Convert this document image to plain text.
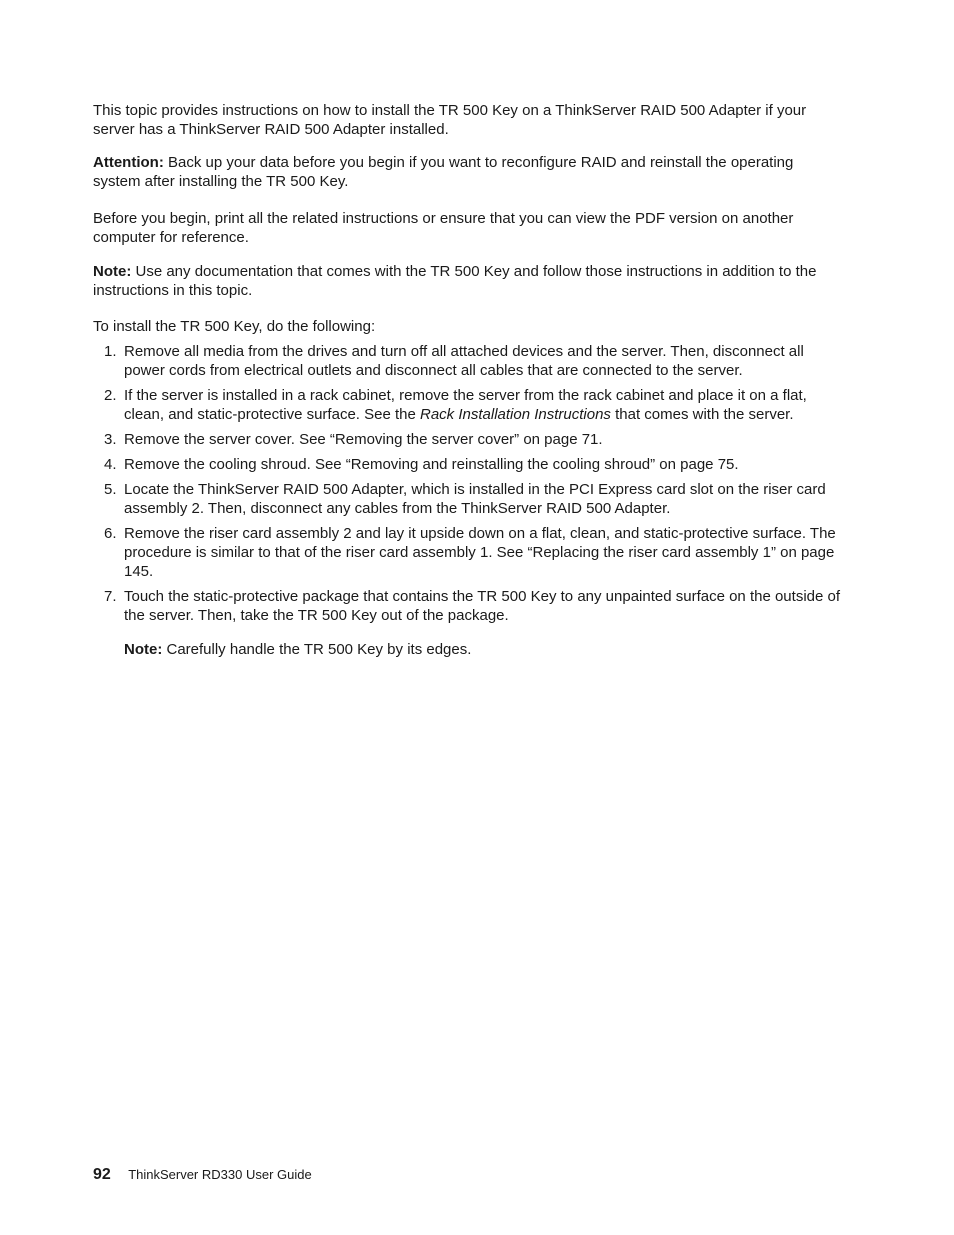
This topic provides instructions on how to install the TR 500 Key on a ThinkServer RAID 500 Adapter if your server has a ThinkServer RAID 500 Adapter installed.

Attention: Back up your data before you begin if you want to reconfigure RAID and reinstall the operating system after installing the TR 500 Key.

Before you begin, print all the related instructions or ensure that you can view the PDF version on another computer for reference.

Note: Use any documentation that comes with the TR 500 Key and follow those instructions in addition to the instructions in this topic.

To install the TR 500 Key, do the following:

1. Remove all media from the drives and turn off all attached devices and the server. Then, disconnect all power cords from electrical outlets and disconnect all cables that are connected to the server.
2. If the server is installed in a rack cabinet, remove the server from the rack cabinet and place it on a flat, clean, and static-protective surface. See the Rack Installation Instructions that comes with the server.
3. Remove the server cover. See “Removing the server cover” on page 71.
4. Remove the cooling shroud. See “Removing and reinstalling the cooling shroud” on page 75.
5. Locate the ThinkServer RAID 500 Adapter, which is installed in the PCI Express card slot on the riser card assembly 2. Then, disconnect any cables from the ThinkServer RAID 500 Adapter.
6. Remove the riser card assembly 2 and lay it upside down on a flat, clean, and static-protective surface. The procedure is similar to that of the riser card assembly 1. See “Replacing the riser card assembly 1” on page 145.
7. Touch the static-protective package that contains the TR 500 Key to any unpainted surface on the outside of the server. Then, take the TR 500 Key out of the package.
Note: Carefully handle the TR 500 Key by its edges.
92 ThinkServer RD330 User Guide
